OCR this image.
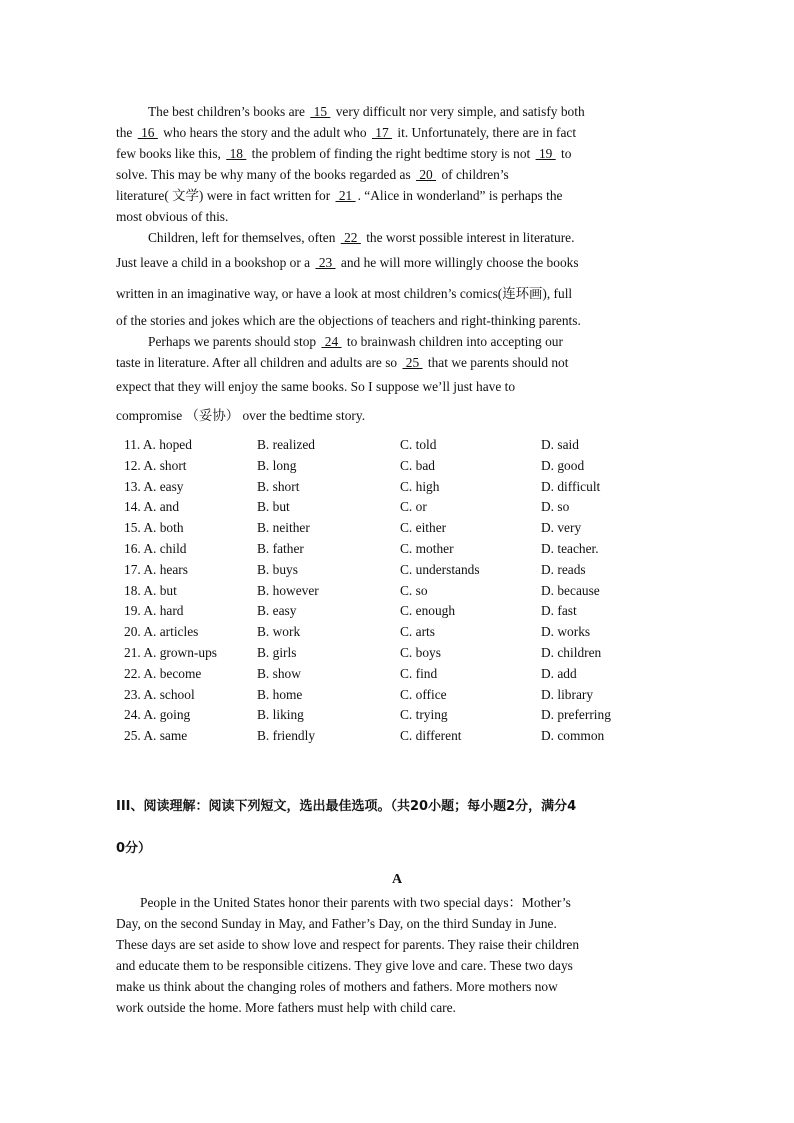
The best children’s books are  15  very difficult nor very simple, and satisfy both
the  16  who hears the story and the adult who  17  it. Unfortunately, there are in fact
few books like this,  18  the problem of finding the right bedtime story is not  19  to
solve. This may be why many of the books regarded as  20  of children’s
literature( 文学) were in fact written for  21 . “Alice in wonderland” is perhaps the
most obvious of this.
Children, left for themselves, often  22  the worst possible interest in literature.
Just leave a child in a bookshop or a  23  and he will more willingly choose the books
written in an imaginative way, or have a look at most children’s comics(连环画), full
of the stories and jokes which are the objections of teachers and right-thinking parents.
Perhaps we parents should stop  24  to brainwash children into accepting our
taste in literature. After all children and adults are so  25  that we parents should not
expect that they will enjoy the same books. So I suppose we’ll just have to
compromise （妥协） over the bedtime story.
11. A. hoped	B. realized	C. told	D. said
12. A. short	B. long	C. bad	D. good
13. A. easy	B. short	C. high	D. difficult
14. A. and	B. but	C. or	D. so
15. A. both	B. neither	C. either	D. very
16. A. child	B. father	C. mother	D. teacher.
17. A. hears	B. buys	C. understands	D. reads
18. A. but	B. however	C. so	D. because
19. A. hard	B. easy	C. enough	D. fast
20. A. articles	B. work	C. arts	D. works
21. A. grown-ups	B. girls	C. boys	D. children
22. A. become	B. show	C. find	D. add
23. A. school	B. home	C. office	D. library
24. A. going	B. liking	C. trying	D. preferring
25. A. same	B. friendly	C. different	D. common
III、阅读理解：阅读下列短文，选出最佳选项。（共20小题；每小题2分，满分4
0分）
A
People in the United States honor their parents with two special days：Mother’s
Day, on the second Sunday in May, and Father’s Day, on the third Sunday in June.
These days are set aside to show love and respect for parents. They raise their children
and educate them to be responsible citizens. They give love and care. These two days
make us think about the changing roles of mothers and fathers. More mothers now
work outside the home. More fathers must help with child care.
